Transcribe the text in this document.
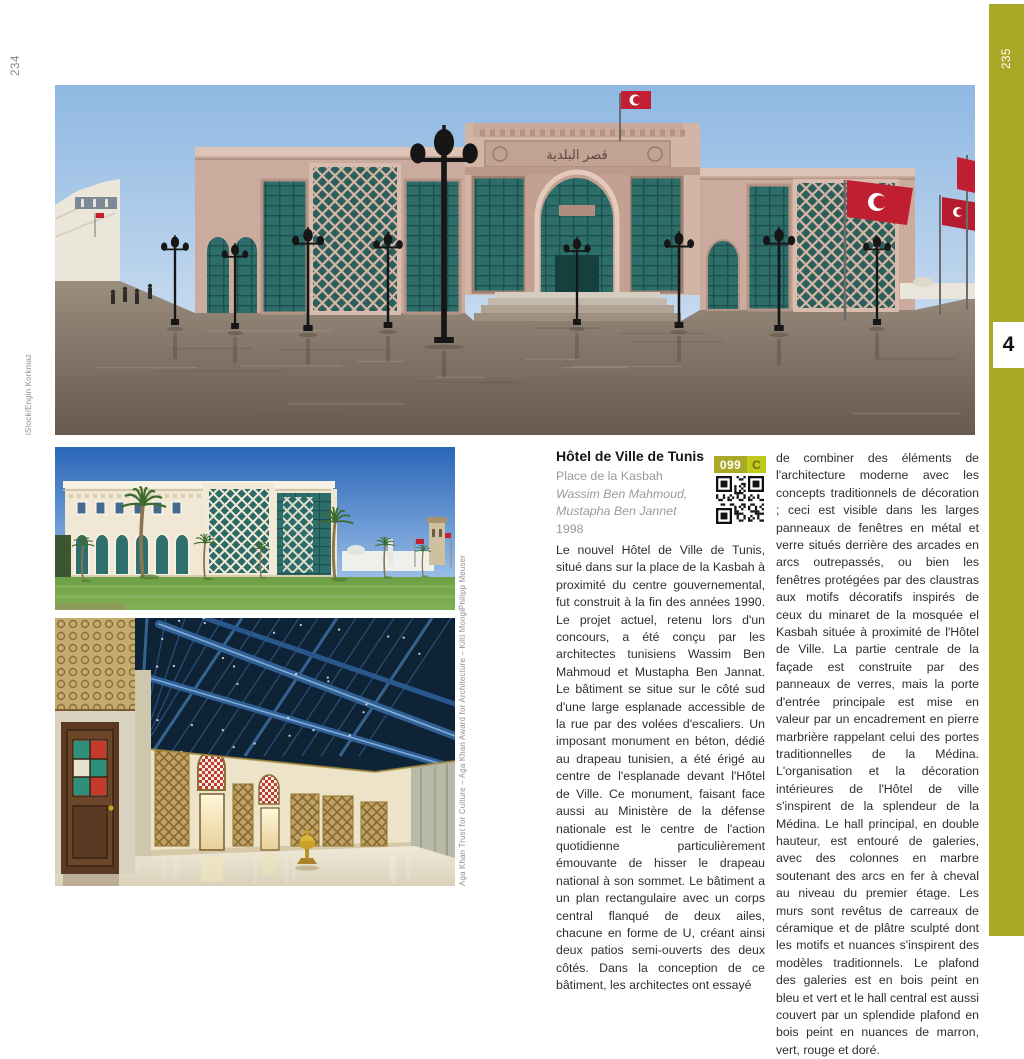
234
قصر البلدية
iStock/Engin Korkmaz
Philipp Meuser
Aga Khan Trust for Culture – Aga Khan Award for Architecture – Kilti Mongi
Hôtel de Ville de Tunis
Place de la Kasbah
Wassim Ben Mahmoud,
Mustapha Ben Jannet
1998
099 C
Le nouvel Hôtel de Ville de Tunis, situé dans sur la place de la Kasbah à proximité du centre gouvernemental, fut construit à la fin des années 1990. Le projet actuel, retenu lors d'un concours, a été conçu par les architectes tunisiens Wassim Ben Mahmoud et Mustapha Ben Jannat. Le bâtiment se situe sur le côté sud d'une large esplanade accessible de la rue par des volées d'escaliers. Un imposant monument en béton, dédié au drapeau tunisien, a été érigé au centre de l'esplanade devant l'Hôtel de Ville. Ce monument, faisant face aussi au Ministère de la défense nationale est le centre de l'action quotidienne particulièrement émouvante de hisser le drapeau national à son sommet. Le bâtiment a un plan rectangulaire avec un corps central flanqué de deux ailes, chacune en forme de U, créant ainsi deux patios semi-ouverts des deux côtés. Dans la conception de ce bâtiment, les architectes ont essayé
de combiner des éléments de l'architecture moderne avec les concepts traditionnels de décoration ; ceci est visible dans les larges panneaux de fenêtres en métal et verre situés derrière des arcades en arcs outrepassés, ou bien les fenêtres protégées par des claustras aux motifs décoratifs inspirés de ceux du minaret de la mosquée el Kasbah située à proximité de l'Hôtel de Ville. La partie centrale de la façade est construite par des panneaux de verres, mais la porte d'entrée principale est mise en valeur par un encadrement en pierre marbrière rappelant celui des portes traditionnelles de la Médina. L'organisation et la décoration intérieures de l'Hôtel de ville s'inspirent de la splendeur de la Médina. Le hall principal, en double hauteur, est entouré de galeries, avec des colonnes en marbre soutenant des arcs en fer à cheval au niveau du premier étage. Les murs sont revêtus de carreaux de céramique et de plâtre sculpté dont les motifs et nuances s'inspirent des modèles traditionnels. Le plafond des galeries est en bois peint en bleu et vert et le hall central est aussi couvert par un splendide plafond en bois peint en nuances de marron, vert, rouge et doré.
235
4
